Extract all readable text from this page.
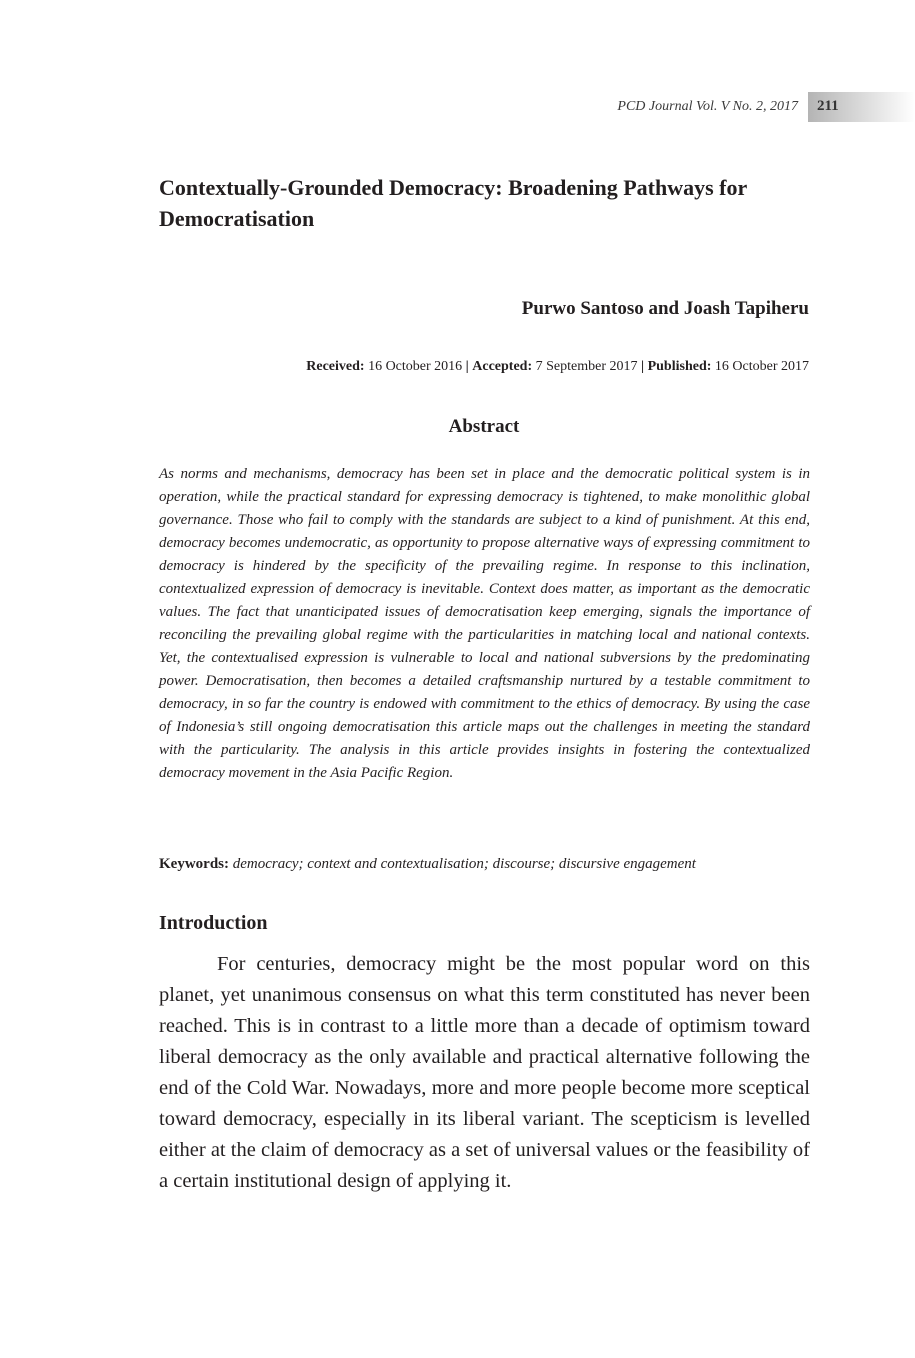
PCD Journal Vol. V No. 2, 2017 211
Contextually-Grounded Democracy: Broadening Pathways for Democratisation
Purwo Santoso and Joash Tapiheru
Received: 16 October 2016 | Accepted: 7 September 2017 | Published: 16 October 2017
Abstract

As norms and mechanisms, democracy has been set in place and the democratic political system is in operation, while the practical standard for expressing democracy is tightened, to make monolithic global governance. Those who fail to comply with the standards are subject to a kind of punishment. At this end, democracy becomes undemocratic, as opportunity to propose alternative ways of expressing commitment to democracy is hindered by the specificity of the prevailing regime. In response to this inclination, contextualized expression of democracy is inevitable. Context does matter, as important as the democratic values. The fact that unanticipated issues of democratisation keep emerging, signals the importance of reconciling the prevailing global regime with the particularities in matching local and national contexts. Yet, the contextualised expression is vulnerable to local and national subversions by the predominating power. Democratisation, then becomes a detailed craftsmanship nurtured by a testable commitment to democracy, in so far the country is endowed with commitment to the ethics of democracy. By using the case of Indonesia’s still ongoing democratisation this article maps out the challenges in meeting the standard with the particularity. The analysis in this article provides insights in fostering the contextualized democracy movement in the Asia Pacific Region.

Keywords: democracy; context and contextualisation; discourse; discursive engagement
Introduction

For centuries, democracy might be the most popular word on this planet, yet unanimous consensus on what this term constituted has never been reached. This is in contrast to a little more than a decade of optimism toward liberal democracy as the only available and practical alternative following the end of the Cold War. Nowadays, more and more people become more sceptical toward democracy, especially in its liberal variant. The scepticism is levelled either at the claim of democracy as a set of universal values or the feasibility of a certain institutional design of applying it.
